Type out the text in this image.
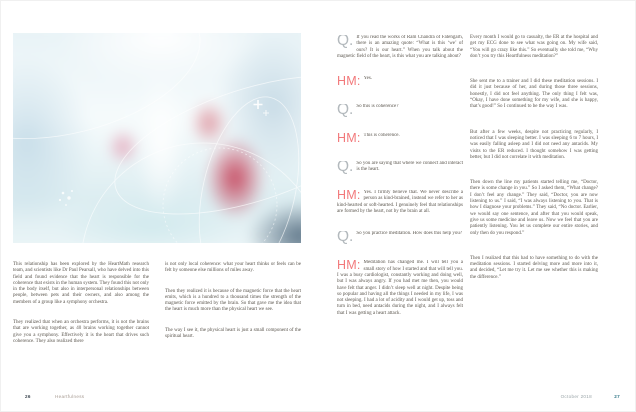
This relationship has been explored by the HeartMath research team, and scientists like Dr Paul Pearsall, who have delved into this field and found evidence that the heart is responsible for the coherence that exists in the human system. They found this not only in the body itself, but also in interpersonal relationships between people, between pets and their owners, and also among the members of a group like a symphony orchestra.

They realized that when an orchestra performs, it is not the brains that are working together, as 40 brains working together cannot give you a symphony. Effectively it is the heart that drives such coherence. They also realized there

is not only local coherence: what your heart thinks or feels can be felt by someone else millions of miles away.

Then they realized it is because of the magnetic force that the heart emits, which is a hundred to a thousand times the strength of the magnetic force emitted by the brain. So that gave me the idea that the heart is much more than the physical heart we see.

The way I see it, the physical heart is just a small component of the spiritual heart.

Q. If you read the works of Ram Chandra of Fatehgarh, there is an amazing quote: “What is this ‘we’ of ours? It is our heart.” When you talk about the magnetic field of the heart, is this what you are talking about?
HM: Yes.
Q. So this is coherence?
HM: This is coherence.
Q. So you are saying that where we connect and interact is the heart.
HM: Yes. I firmly believe that. We never describe a person as kind-brained, instead we refer to her as kind-hearted or soft-hearted. I genuinely feel that relationships are formed by the heart, not by the brain at all.
Q. So you practice meditation. How does this help you?
HM: Meditation has changed me. I will tell you a small story of how I started and that will tell you. I was a busy cardiologist, constantly working and doing well, but I was always angry. If you had met me then, you would have felt that anger. I didn’t sleep well at night. Despite being so popular and having all the things I needed in my life, I was not sleeping. I had a lot of acidity and I would get up, toss and turn in bed, need antacids during the night, and I always felt that I was getting a heart attack.

Every month I would go to casualty, the ER at the hospital and get my ECG done to see what was going on. My wife said, “You will go crazy like this.” So eventually she told me, “Why don’t you try this Heartfulness meditation?”

She sent me to a trainer and I did these meditation sessions. I did it just because of her, and during those three sessions, honestly, I did not feel anything. The only thing I felt was, “Okay, I have done something for my wife, and she is happy, that’s good!” So I continued to be the way I was.

But after a few weeks, despite not practicing regularly, I noticed that I was sleeping better. I was sleeping 6 to 7 hours, I was easily falling asleep and I did not need any antacids. My visits to the ER reduced. I thought somehow I was getting better, but I did not correlate it with meditation.

Then down the line my patients started telling me, “Doctor, there is some change in you.” So I asked them, “What change? I don’t feel any change.” They said, “Doctor, you are now listening to us.” I said, “I was always listening to you. That is how I diagnose your problems.” They said, “No doctor. Earlier, we would say one sentence, and after that you would speak, give us some medicine and leave us. Now we feel that you are patiently listening. You let us complete our entire stories, and only then do you respond.”

Then I realized that this had to have something to do with the meditation sessions. I started delving more and more into it, and decided, “Let me try it. Let me see whether this is making the difference.”

26	Heartfulness	October 2018	27
